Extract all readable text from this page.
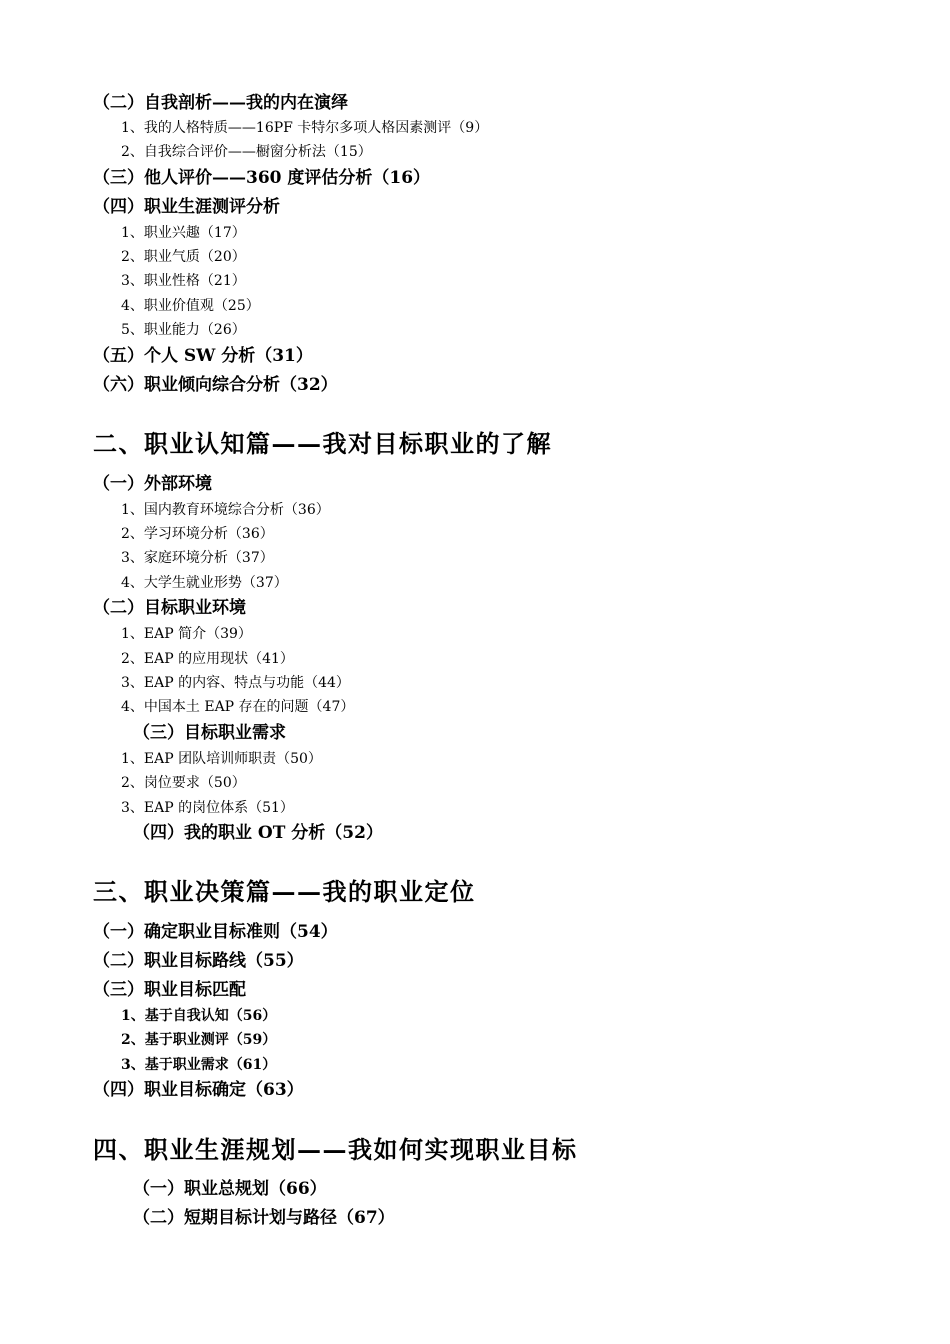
（二）自我剖析——我的内在演绎
1、我的人格特质——16PF 卡特尔多项人格因素测评（9）
2、自我综合评价——橱窗分析法（15）
（三）他人评价——360 度评估分析（16）
（四）职业生涯测评分析
1、职业兴趣（17）
2、职业气质（20）
3、职业性格（21）
4、职业价值观（25）
5、职业能力（26）
（五）个人 SW 分析（31）
（六）职业倾向综合分析（32）
二、职业认知篇——我对目标职业的了解
（一）外部环境
1、国内教育环境综合分析（36）
2、学习环境分析（36）
3、家庭环境分析（37）
4、大学生就业形势（37）
（二）目标职业环境
1、EAP 简介（39）
2、EAP 的应用现状（41）
3、EAP 的内容、特点与功能（44）
4、中国本土 EAP 存在的问题（47）
（三）目标职业需求
1、EAP 团队培训师职责（50）
2、岗位要求（50）
3、EAP 的岗位体系（51）
（四）我的职业 OT 分析（52）
三、职业决策篇——我的职业定位
（一）确定职业目标准则（54）
（二）职业目标路线（55）
（三）职业目标匹配
1、基于自我认知（56）
2、基于职业测评（59）
3、基于职业需求（61）
（四）职业目标确定（63）
四、职业生涯规划——我如何实现职业目标
（一）职业总规划（66）
（二）短期目标计划与路径（67）
